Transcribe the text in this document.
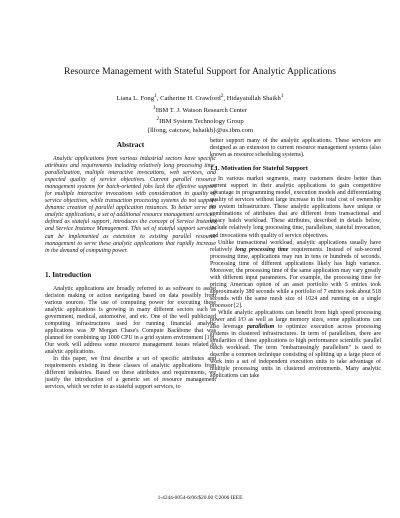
Resource Management with Stateful Support for Analytic Applications
Liana L. Fong$^1$, Catherine H. Crawford$^2$, Hidayatullah Shaikh$^1$
$^1$IBM T. J. Watson Research Center
$^2$IBM System Technology Group
{llfong, catcraw, hshaikh}@us.ibm.com
Abstract

Analytic applications from various industrial sectors have specific attributes and requirements including relatively long processing time, parallelization, multiple interactive invocations, web services, and expected quality of service objectives. Current parallel resource management systems for batch-oriented jobs lack the effective support for multiple interactive invocations with consideration in quality of service objectives, while transaction processing systems do not support dynamic creation of parallel application instances. To better serve the analytic applications, a set of additional resource management services, defined as stateful support, introduces the concept of Service Instance and Service Instance Management. This set of stateful support services can be implemented as extension to existing parallel resource management to serve these analytic applications that rapidly increase in the demand of computing power.

1. Introduction

Analytic applications are broadly referred to as software to assist decision making or action navigating based on data possibly from various sources. The use of computing power for executing these analytic applications is growing in many different sectors such as government, medical, automotive, and etc. One of the well publicized computing infrastructures used for running financial analytic applications was JP Morgan Chase's Compute Backbone that was planned for combining up 1000 CPU in a grid system environment [19]. Our work will address some resource management issues related to analytic applications.

In this paper, we first describe a set of specific attributes and requirements existing in these classes of analytic applications from different industries. Based on these attributes and requirements, we justify the introduction of a generic set of resource management services, which we refer to as stateful support services, to

better support many of the analytic applications. These services are designed as an extension to current resource management systems (also known as resource scheduling systems).

1.1. Motivation for Stateful Support

In various market segments, many customers desire better than current support in their analytic applications to gain competitive advantage in programming model, execution models and differentiating quality of services without large increase in the total cost of ownership on system infrastructure. These analytic applications have unique or combinations of attributes that are different from transactional and legacy batch workload. These attributes, described in details below, include relatively long processing time, parallelism, stateful invocation, and invocations with quality of service objectives.

Unlike transactional workload, analytic applications usually have relatively long processing time requirements. Instead of sub-second processing time, applications may run in tens or hundreds of seconds. Processing time of different applications likely has high variance. Moreover, the processing time of the same application may vary greatly with different input parameters. For example, the processing time for pricing American option of an asset portfolio with 5 entries took approximately 380 seconds while a portfolio of 7 entries took about 518 seconds with the same mesh size of 1024 and running on a single processor [2].

While analytic applications can benefit from high speed processing power and I/O as well as large memory sizes, some applications can also leverage parallelism to optimize execution across processing systems in clustered infrastructures. In term of parallelism, there are similarities of these applications to high performance scientific parallel batch workload. The term "embarrassingly parallelism" is used to describe a common technique consisting of splitting up a large piece of work into a set of independent execution units to take advantage of multiple processing units in clustered environments. Many analytic applications can take

1-4244-0054-6/06/$20.00 ©2006 IEEE
